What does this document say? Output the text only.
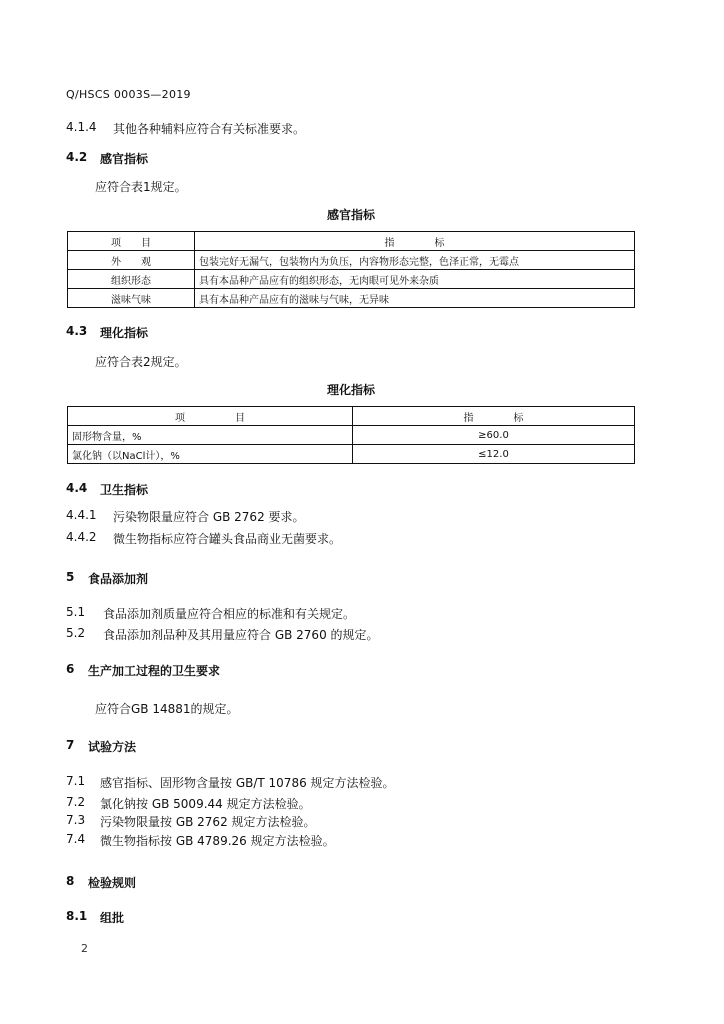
Q/HSCS 0003S—2019
4.1.4 其他各种辅料应符合有关标准要求。
4.2 感官指标
应符合表1规定。
感官指标
项　　目	指　　　　标
外　　观	包装完好无漏气，包装物内为负压，内容物形态完整，色泽正常，无霉点
组织形态	具有本品种产品应有的组织形态，无肉眼可见外来杂质
滋味气味	具有本品种产品应有的滋味与气味，无异味
4.3 理化指标
应符合表2规定。
理化指标
项　　　　　目	指　　　　标
固形物含量，%	≥60.0
氯化钠（以NaCl计），%	≤12.0
4.4 卫生指标
4.4.1 污染物限量应符合 GB 2762 要求。
4.4.2 微生物指标应符合罐头食品商业无菌要求。
5 食品添加剂
5.1 食品添加剂质量应符合相应的标准和有关规定。
5.2 食品添加剂品种及其用量应符合 GB 2760 的规定。
6 生产加工过程的卫生要求
应符合GB 14881的规定。
7 试验方法
7.1 感官指标、固形物含量按 GB/T 10786 规定方法检验。
7.2 氯化钠按 GB 5009.44 规定方法检验。
7.3 污染物限量按 GB 2762 规定方法检验。
7.4 微生物指标按 GB 4789.26 规定方法检验。
8 检验规则
8.1 组批
2
